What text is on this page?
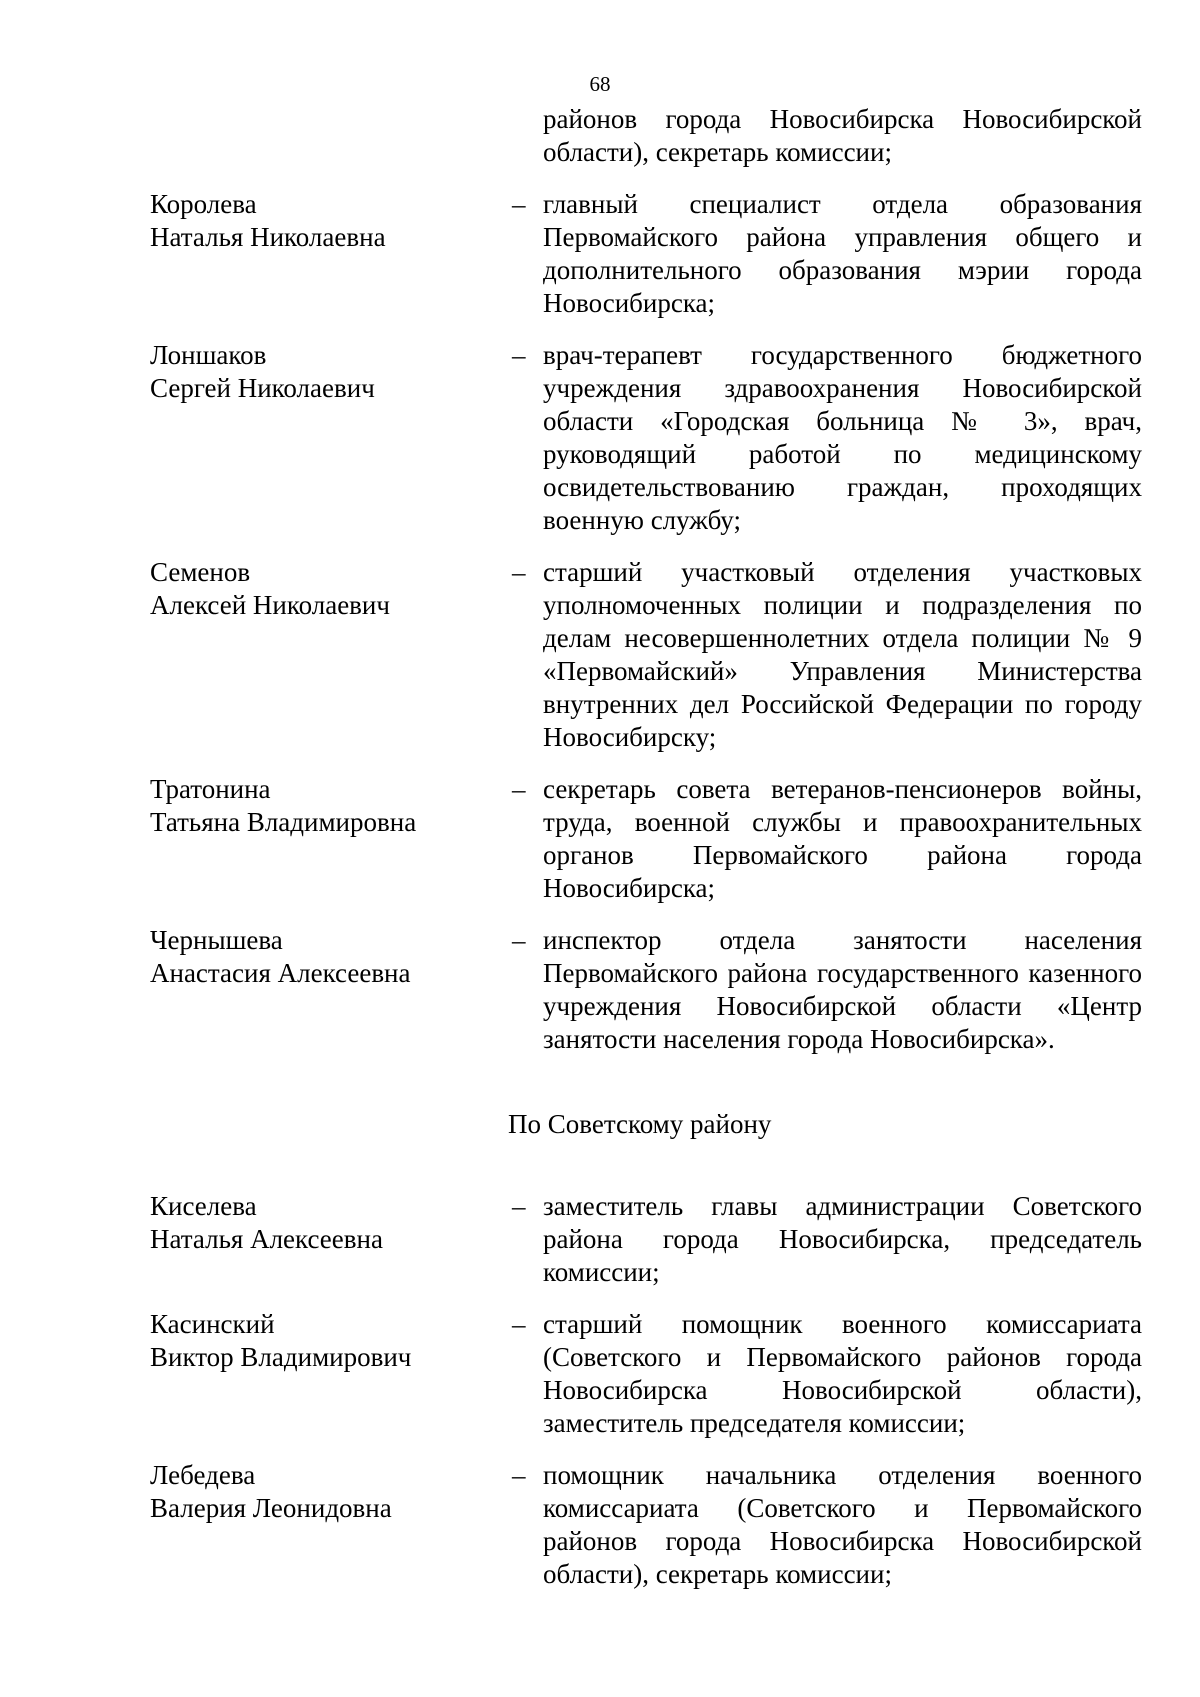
68
районов города Новосибирска Новосибирской области), секретарь комиссии;
Королева
Наталья Николаевна
– главный специалист отдела образования Первомайского района управления общего и дополнительного образования мэрии города Новосибирска;
Лоншаков
Сергей Николаевич
– врач-терапевт государственного бюджетного учреждения здравоохранения Новосибирской области «Городская больница № 3», врач, руководящий работой по медицинскому освидетельствованию граждан, проходящих военную службу;
Семенов
Алексей Николаевич
– старший участковый отделения участковых уполномоченных полиции и подразделения по делам несовершеннолетних отдела полиции № 9 «Первомайский» Управления Министерства внутренних дел Российской Федерации по городу Новосибирску;
Тратонина
Татьяна Владимировна
– секретарь совета ветеранов-пенсионеров войны, труда, военной службы и правоохранительных органов Первомайского района города Новосибирска;
Чернышева
Анастасия Алексеевна
– инспектор отдела занятости населения Первомайского района государственного казенного учреждения Новосибирской области «Центр занятости населения города Новосибирска».
По Советскому району
Киселева
Наталья Алексеевна
– заместитель главы администрации Советского района города Новосибирска, председатель комиссии;
Касинский
Виктор Владимирович
– старший помощник военного комиссариата (Советского и Первомайского районов города Новосибирска Новосибирской области), заместитель председателя комиссии;
Лебедева
Валерия Леонидовна
– помощник начальника отделения военного комиссариата (Советского и Первомайского районов города Новосибирска Новосибирской области), секретарь комиссии;
